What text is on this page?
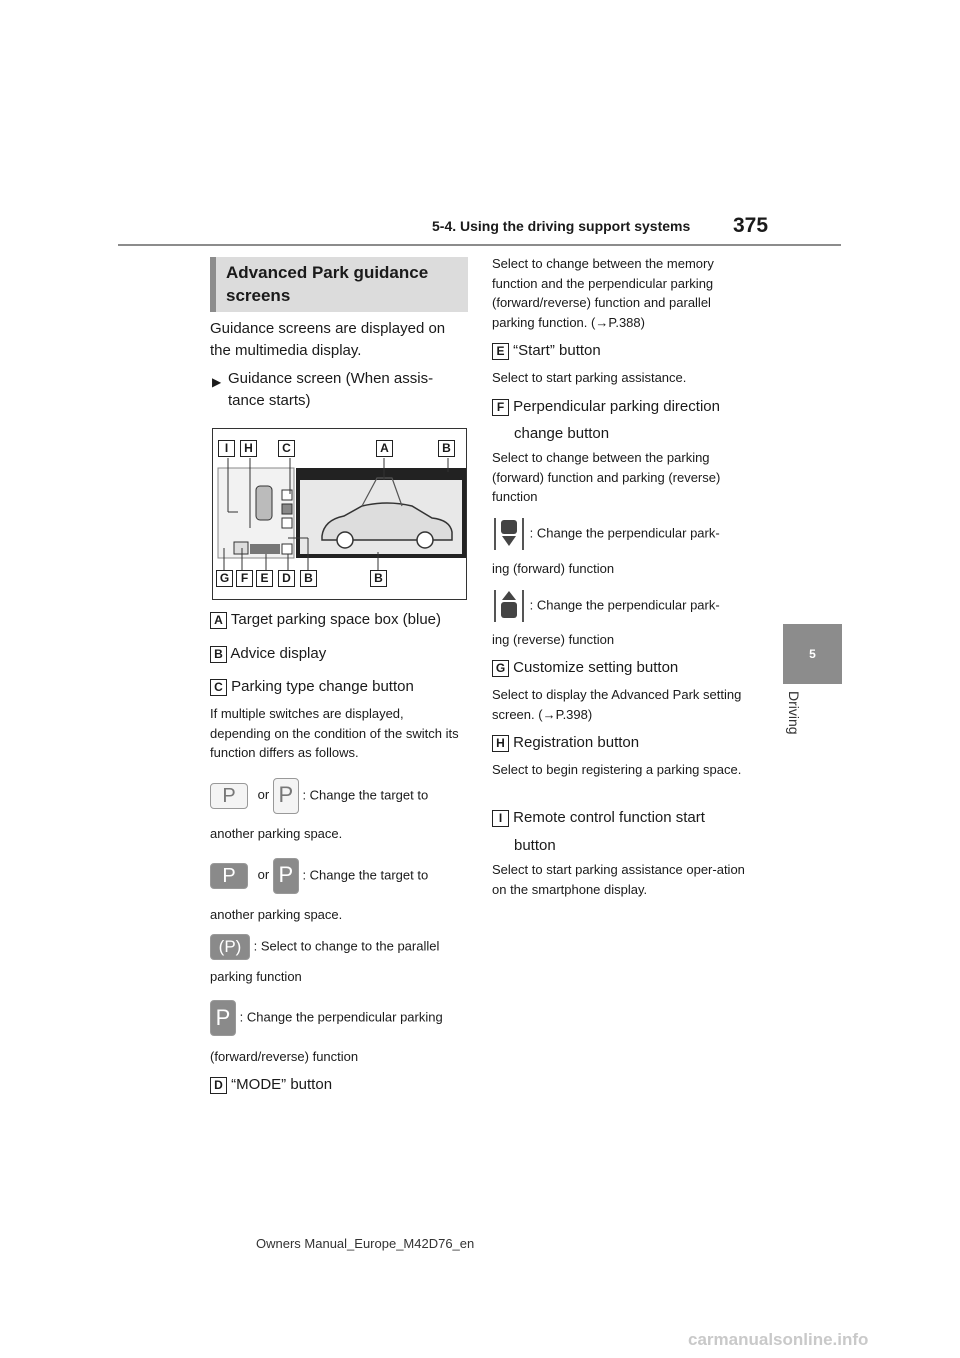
5-4. Using the driving support systems 375
5
Driving
Advanced Park guidance screens
Guidance screens are displayed on the multimedia display.
▶ Guidance screen (When assis-tance starts)
I	H	C	A	B
G F	E	D	B	B
A Target parking space box (blue)
B Advice display
C Parking type change button
If multiple switches are displayed, depending on the condition of the switch its function differs as follows.
P or P : Change the target to
another parking space.
P or P : Change the target to
another parking space.
(P) : Select to change to the parallel
parking function
P : Change the perpendicular parking
(forward/reverse) function
D “MODE” button
Select to change between the memory function and the perpendicular parking (forward/reverse) function and parallel parking function. (→P.388)
E “Start” button
Select to start parking assistance.
F Perpendicular parking direction
change button
Select to change between the parking (forward) function and parking (reverse) function
: Change the perpendicular park-
ing (forward) function
: Change the perpendicular park-
ing (reverse) function
G Customize setting button
Select to display the Advanced Park setting screen. (→P.398)
H Registration button
Select to begin registering a parking space.
I Remote control function start
button
Select to start parking assistance oper-ation on the smartphone display.
Owners Manual_Europe_M42D76_en
carmanualsonline.info
